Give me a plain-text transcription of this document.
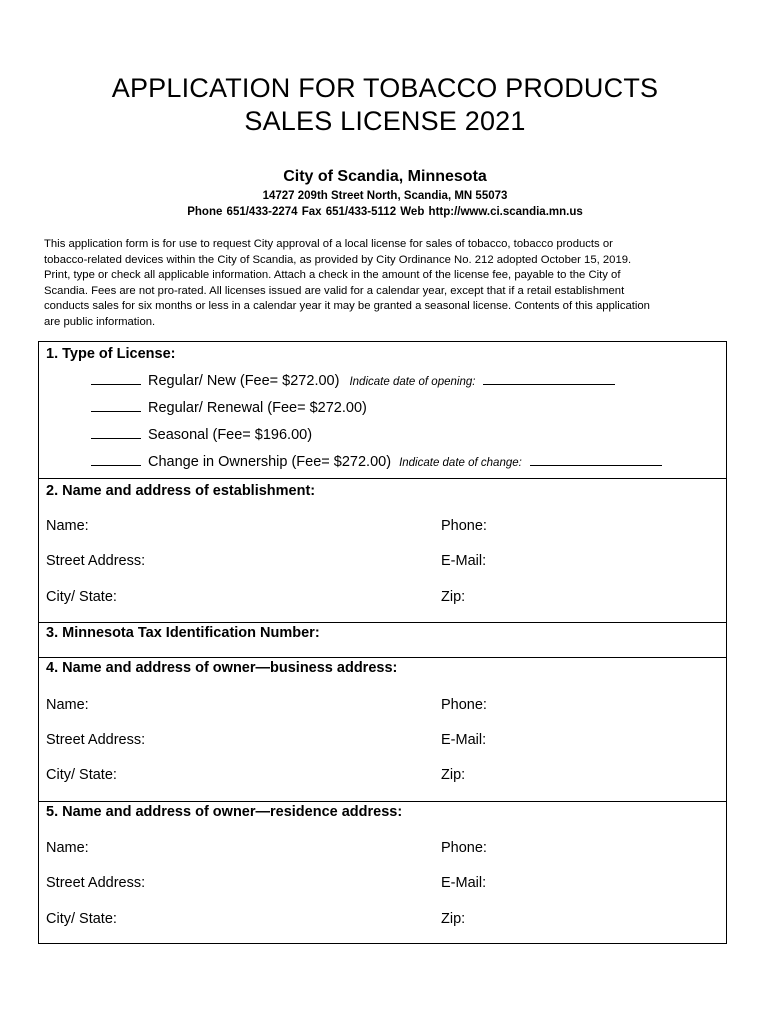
APPLICATION FOR TOBACCO PRODUCTS
SALES LICENSE 2021
City of Scandia, Minnesota
14727 209th Street North, Scandia, MN 55073
Phone 651/433-2274 Fax 651/433-5112 Web http://www.ci.scandia.mn.us
This application form is for use to request City approval of a local license for sales of tobacco, tobacco products or
tobacco-related devices within the City of Scandia, as provided by City Ordinance No. 212 adopted October 15, 2019.
Print, type or check all applicable information. Attach a check in the amount of the license fee, payable to the City of
Scandia. Fees are not pro-rated. All licenses issued are valid for a calendar year, except that if a retail establishment
conducts sales for six months or less in a calendar year it may be granted a seasonal license. Contents of this application
are public information.
1. Type of License:
Regular/ New (Fee= $272.00) Indicate date of opening:
Regular/ Renewal (Fee= $272.00)
Seasonal (Fee= $196.00)
Change in Ownership (Fee= $272.00) Indicate date of change:
2. Name and address of establishment:
Name:	Phone:
Street Address:	E-Mail:
City/ State:	Zip:
3. Minnesota Tax Identification Number:
4. Name and address of owner—business address:
Name:	Phone:
Street Address:	E-Mail:
City/ State:	Zip:
5. Name and address of owner—residence address:
Name:	Phone:
Street Address:	E-Mail:
City/ State:	Zip:
